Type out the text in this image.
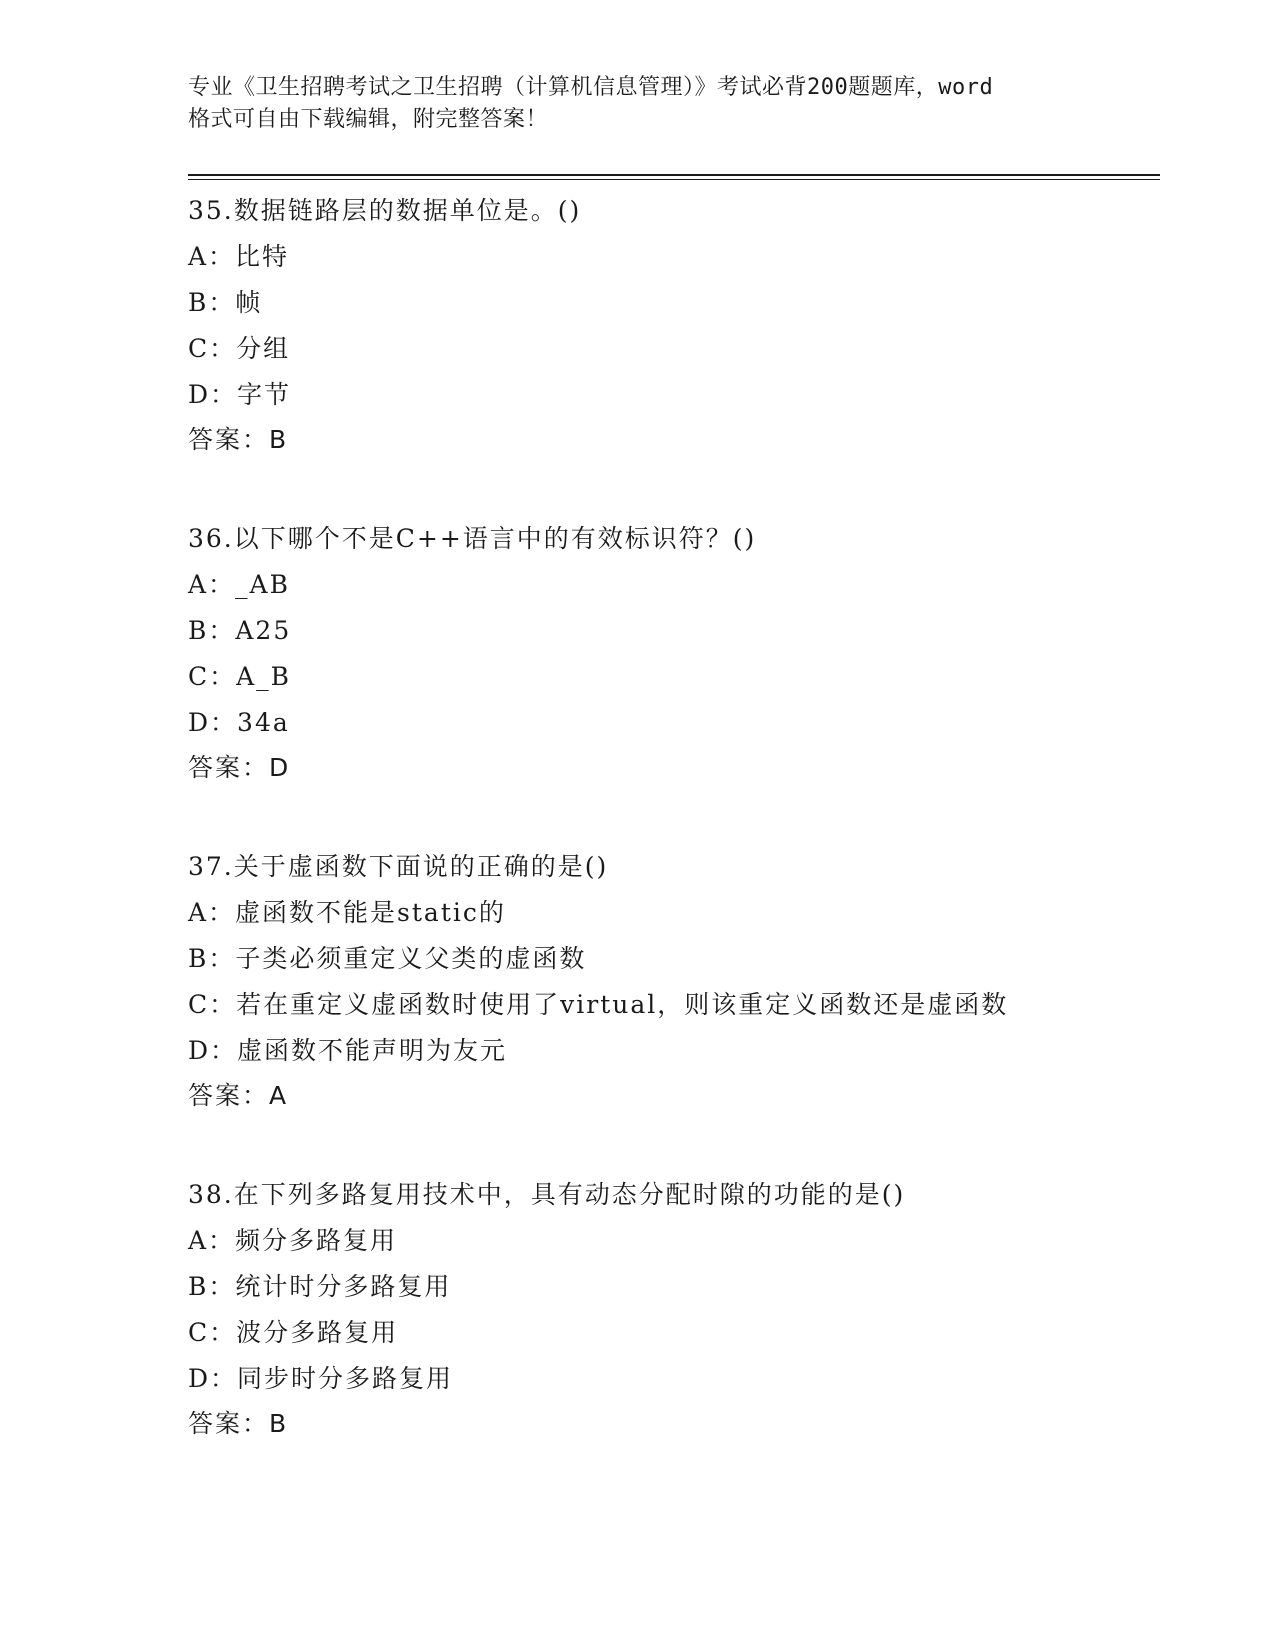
专业《卫生招聘考试之卫生招聘（计算机信息管理）》考试必背200题题库，word

格式可自由下载编辑，附完整答案！

35.数据链路层的数据单位是。()

A：比特

B：帧

C：分组

D：字节

答案：B

36.以下哪个不是C++语言中的有效标识符？()

A：_AB

B：A25

C：A_B

D：34a

答案：D

37.关于虚函数下面说的正确的是()

A：虚函数不能是static的

B：子类必须重定义父类的虚函数

C：若在重定义虚函数时使用了virtual，则该重定义函数还是虚函数

D：虚函数不能声明为友元

答案：A

38.在下列多路复用技术中，具有动态分配时隙的功能的是()

A：频分多路复用

B：统计时分多路复用

C：波分多路复用

D：同步时分多路复用

答案：B
